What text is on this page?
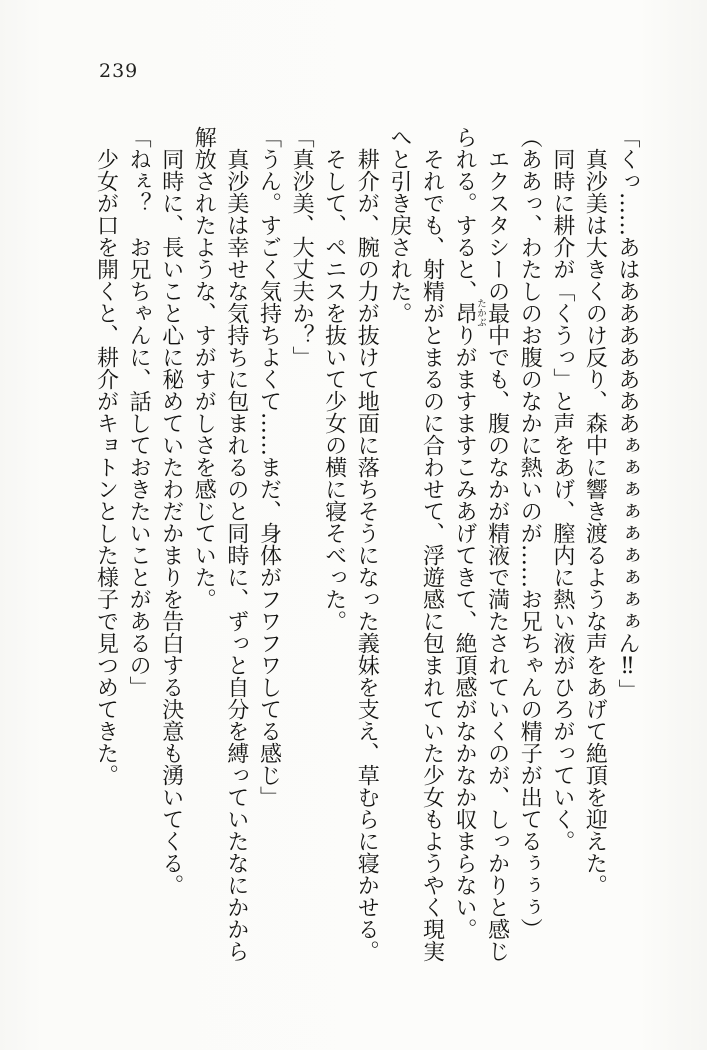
239

「くっ……あはあああああああぁぁぁぁぁぁぁぁぁん‼」

真沙美は大きくのけ反り、森中に響き渡るような声をあげて絶頂を迎えた。

同時に耕介が「くうっ」と声をあげ、膣内に熱い液がひろがっていく。

（ああっ、わたしのお腹のなかに熱いのが……お兄ちゃんの精子が出てるぅぅぅ）

エクスタシーの最中でも、腹のなかが精液で満たされていくのが、しっかりと感じられる。すると、昂たかぶりがますますこみあげてきて、絶頂感がなかなか収まらない。

それでも、射精がとまるのに合わせて、浮遊感に包まれていた少女もようやく現実へと引き戻された。

耕介が、腕の力が抜けて地面に落ちそうになった義妹を支え、草むらに寝かせる。

そして、ペニスを抜いて少女の横に寝そべった。

「真沙美、大丈夫か？」

「うん。すごく気持ちよくて……まだ、身体がフワフワしてる感じ」

真沙美は幸せな気持ちに包まれるのと同時に、ずっと自分を縛っていたなにかから解放されたような、すがすがしさを感じていた。

同時に、長いこと心に秘めていたわだかまりを告白する決意も湧いてくる。

「ねぇ？　お兄ちゃんに、話しておきたいことがあるの」

少女が口を開くと、耕介がキョトンとした様子で見つめてきた。
